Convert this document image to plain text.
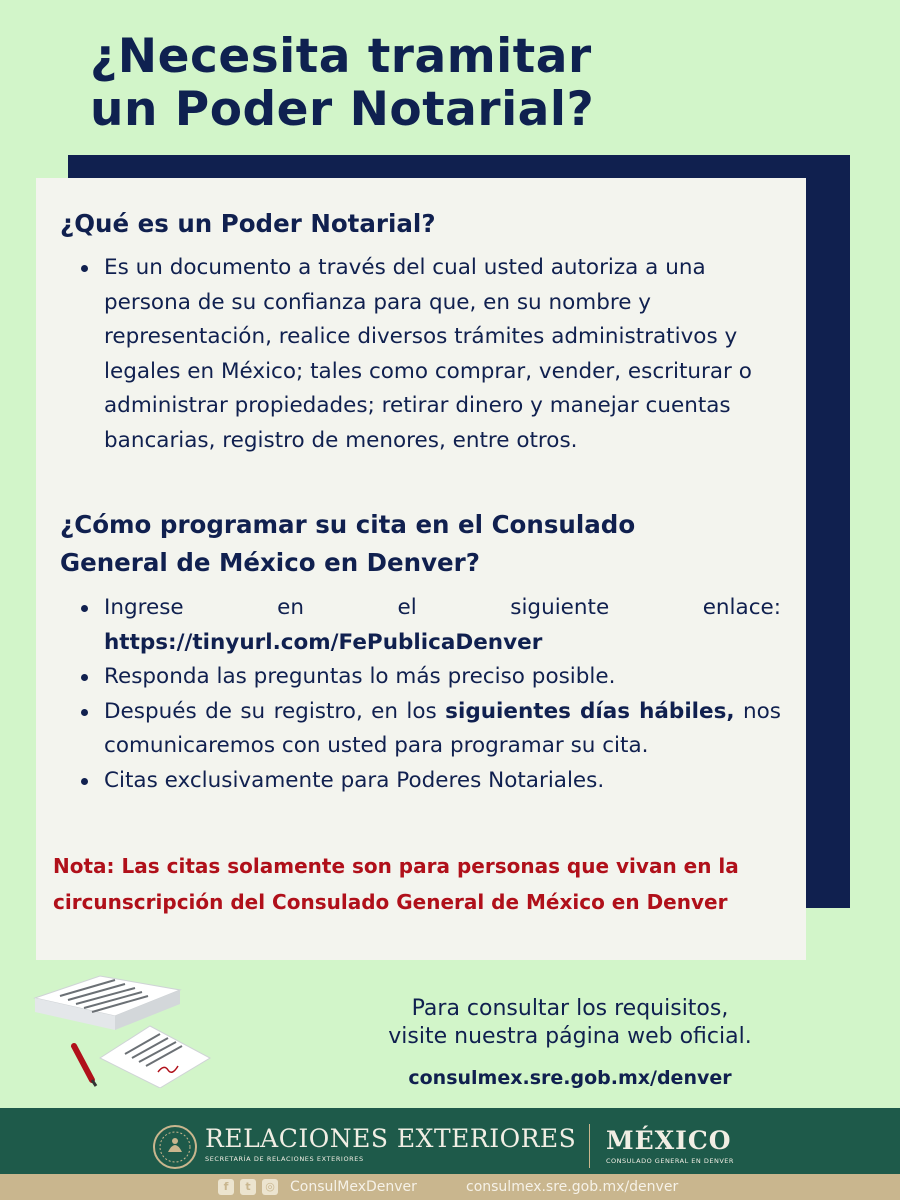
¿Necesita tramitar
un Poder Notarial?
¿Qué es un Poder Notarial?
Es un documento a través del cual usted autoriza a una persona de su confianza para que, en su nombre y representación, realice diversos trámites administrativos y legales en México; tales como comprar, vender, escriturar o administrar propiedades; retirar dinero y manejar cuentas bancarias, registro de menores, entre otros.
¿Cómo programar su cita en el Consulado
General de México en Denver?
Ingrese en el siguiente enlace:
https://tinyurl.com/FePublicaDenver
Responda las preguntas lo más preciso posible.
Después de su registro, en los siguientes días hábiles, nos comunicaremos con usted para programar su cita.
Citas exclusivamente para Poderes Notariales.
Nota: Las citas solamente son para personas que vivan en la circunscripción del Consulado General de México en Denver
Para consultar los requisitos,
visite nuestra página web oficial.
consulmex.sre.gob.mx/denver
RELACIONES EXTERIORES
SECRETARÍA DE RELACIONES EXTERIORES
MÉXICO
CONSULADO GENERAL EN DENVER
f	t	◎ ConsulMexDenver	consulmex.sre.gob.mx/denver
